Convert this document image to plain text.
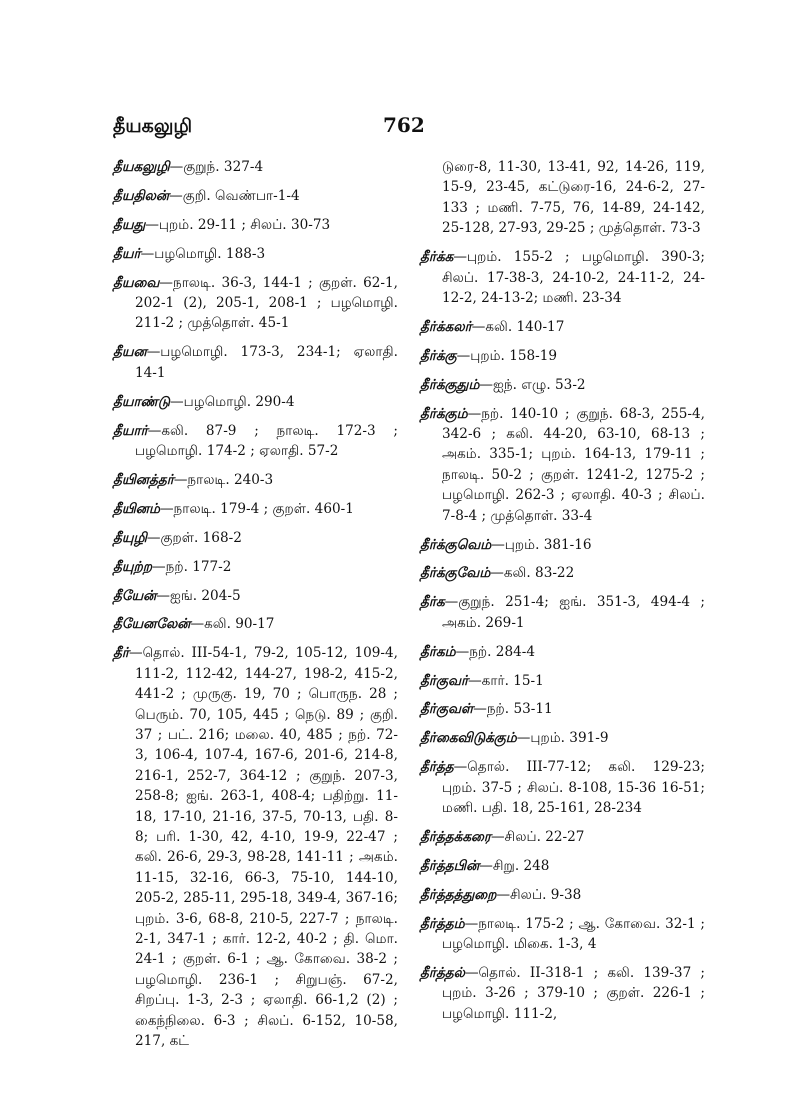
தீயகலுழி	762
தீயகலுழி—குறுந். 327-4
தீயதிலன்—குறி. வெண்பா-1-4
தீயது—புறம். 29-11 ; சிலப். 30-73
தீயர்—பழமொழி. 188-3
தீயவை—நாலடி. 36-3, 144-1 ; குறள். 62-1, 202-1 (2), 205-1, 208-1 ; பழமொழி. 211-2 ; முத்தொள். 45-1
தீயன—பழமொழி. 173-3, 234-1; ஏலாதி. 14-1
தீயாண்டு—பழமொழி. 290-4
தீயார்—கலி. 87-9 ; நாலடி. 172-3 ; பழமொழி. 174-2 ; ஏலாதி. 57-2
தீயினத்தர்—நாலடி. 240-3
தீயினம்—நாலடி. 179-4 ; குறள். 460-1
தீயுழி—குறள். 168-2
தீயுற்ற—நற். 177-2
தீயேன்—ஐங். 204-5
தீயேனலேன்—கலி. 90-17
தீர்—தொல். III-54-1, 79-2, 105-12, 109-4, 111-2, 112-42, 144-27, 198-2, 415-2, 441-2 ; முருகு. 19, 70 ; பொருந. 28 ; பெரும். 70, 105, 445 ; நெடு. 89 ; குறி. 37 ; பட். 216; மலை. 40, 485 ; நற். 72-3, 106-4, 107-4, 167-6, 201-6, 214-8, 216-1, 252-7, 364-12 ; குறுந். 207-3, 258-8; ஐங். 263-1, 408-4; பதிற்று. 11-18, 17-10, 21-16, 37-5, 70-13, பதி. 8-8; பரி. 1-30, 42, 4-10, 19-9, 22-47 ; கலி. 26-6, 29-3, 98-28, 141-11 ; அகம். 11-15, 32-16, 66-3, 75-10, 144-10, 205-2, 285-11, 295-18, 349-4, 367-16; புறம். 3-6, 68-8, 210-5, 227-7 ; நாலடி. 2-1, 347-1 ; கார். 12-2, 40-2 ; தி. மொ. 24-1 ; குறள். 6-1 ; ஆ. கோவை. 38-2 ; பழமொழி. 236-1 ; சிறுபஞ். 67-2, சிறப்பு. 1-3, 2-3 ; ஏலாதி. 66-1,2 (2) ; கைந்நிலை. 6-3 ; சிலப். 6-152, 10-58, 217, கட்
டுரை-8, 11-30, 13-41, 92, 14-26, 119, 15-9, 23-45, கட்டுரை-16, 24-6-2, 27-133 ; மணி. 7-75, 76, 14-89, 24-142, 25-128, 27-93, 29-25 ; முத்தொள். 73-3
தீர்க்க—புறம். 155-2 ; பழமொழி. 390-3; சிலப். 17-38-3, 24-10-2, 24-11-2, 24-12-2, 24-13-2; மணி. 23-34
தீர்க்கலர்—கலி. 140-17
தீர்க்கு—புறம். 158-19
தீர்க்குதும்—ஐந். எழு. 53-2
தீர்க்கும்—நற். 140-10 ; குறுந். 68-3, 255-4, 342-6 ; கலி. 44-20, 63-10, 68-13 ; அகம். 335-1; புறம். 164-13, 179-11 ; நாலடி. 50-2 ; குறள். 1241-2, 1275-2 ; பழமொழி. 262-3 ; ஏலாதி. 40-3 ; சிலப். 7-8-4 ; முத்தொள். 33-4
தீர்க்குவெம்—புறம். 381-16
தீர்க்குவேம்—கலி. 83-22
தீர்க—குறுந். 251-4; ஐங். 351-3, 494-4 ; அகம். 269-1
தீர்கம்—நற். 284-4
தீர்குவர்—கார். 15-1
தீர்குவள்—நற். 53-11
தீர்கைவிடுக்கும்—புறம். 391-9
தீர்த்த—தொல். III-77-12; கலி. 129-23; புறம். 37-5 ; சிலப். 8-108, 15-36 16-51; மணி. பதி. 18, 25-161, 28-234
தீர்த்தக்கரை—சிலப். 22-27
தீர்த்தபின்—சிறு. 248
தீர்த்தத்துறை—சிலப். 9-38
தீர்த்தம்—நாலடி. 175-2 ; ஆ. கோவை. 32-1 ; பழமொழி. மிகை. 1-3, 4
தீர்த்தல்—தொல். II-318-1 ; கலி. 139-37 ; புறம். 3-26 ; 379-10 ; குறள். 226-1 ; பழமொழி. 111-2,
